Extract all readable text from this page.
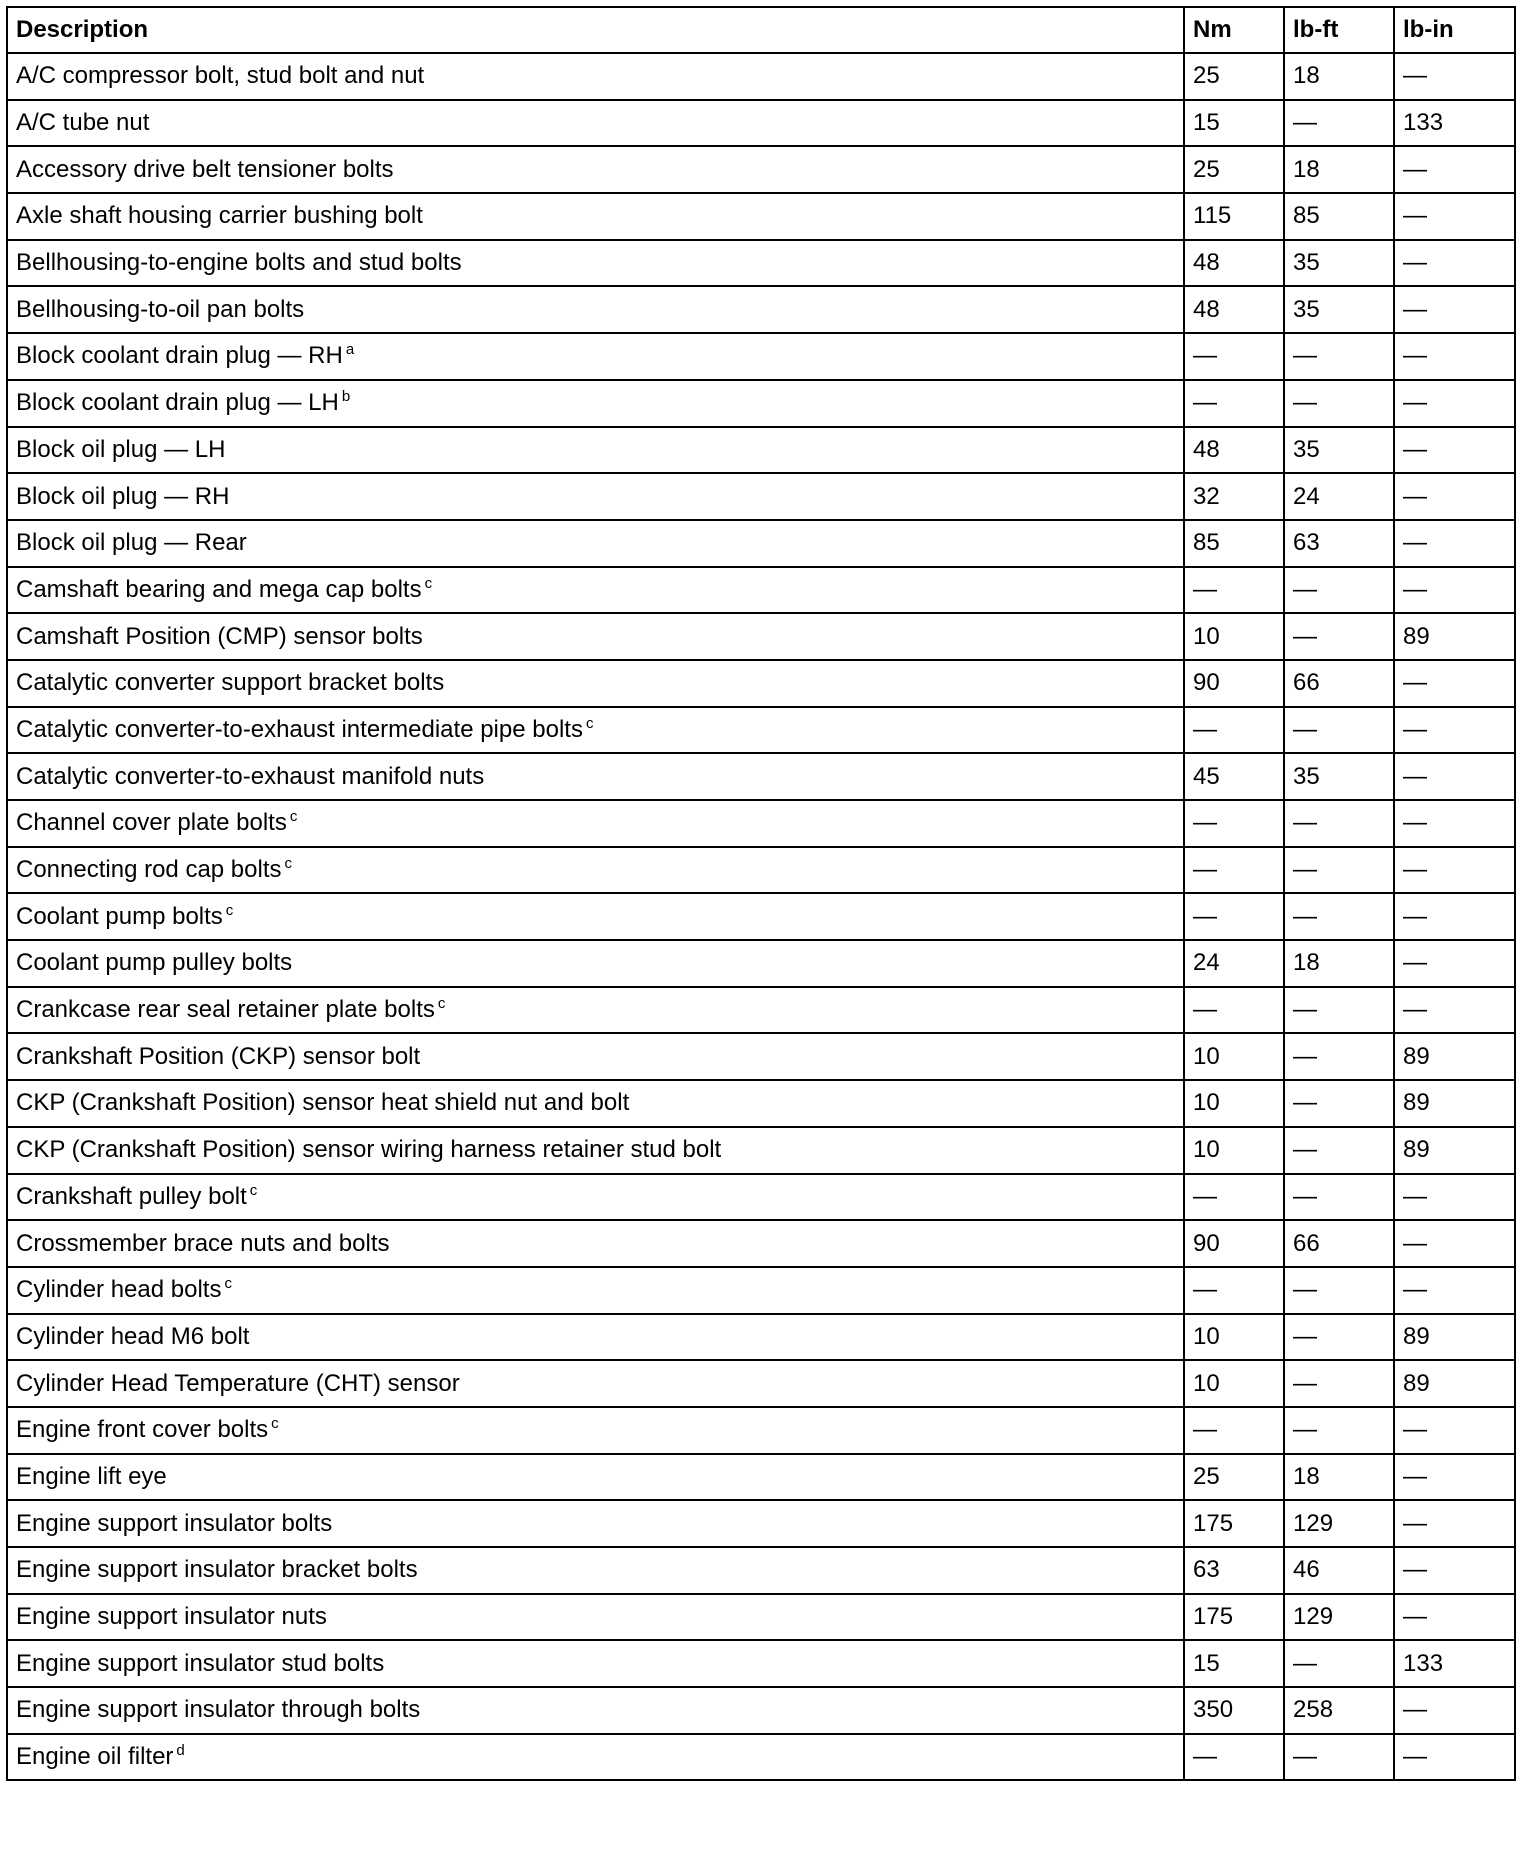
Description	Nm	lb-ft	lb-in
A/C compressor bolt, stud bolt and nut	25	18	—
A/C tube nut	15	—	133
Accessory drive belt tensioner bolts	25	18	—
Axle shaft housing carrier bushing bolt	115	85	—
Bellhousing-to-engine bolts and stud bolts	48	35	—
Bellhousing-to-oil pan bolts	48	35	—
Block coolant drain plug — RH $^a$	—	—	—
Block coolant drain plug — LH $^b$	—	—	—
Block oil plug — LH	48	35	—
Block oil plug — RH	32	24	—
Block oil plug — Rear	85	63	—
Camshaft bearing and mega cap bolts $^c$	—	—	—
Camshaft Position (CMP) sensor bolts	10	—	89
Catalytic converter support bracket bolts	90	66	—
Catalytic converter-to-exhaust intermediate pipe bolts $^c$	—	—	—
Catalytic converter-to-exhaust manifold nuts	45	35	—
Channel cover plate bolts $^c$	—	—	—
Connecting rod cap bolts $^c$	—	—	—
Coolant pump bolts $^c$	—	—	—
Coolant pump pulley bolts	24	18	—
Crankcase rear seal retainer plate bolts $^c$	—	—	—
Crankshaft Position (CKP) sensor bolt	10	—	89
CKP (Crankshaft Position) sensor heat shield nut and bolt	10	—	89
CKP (Crankshaft Position) sensor wiring harness retainer stud bolt	10	—	89
Crankshaft pulley bolt $^c$	—	—	—
Crossmember brace nuts and bolts	90	66	—
Cylinder head bolts $^c$	—	—	—
Cylinder head M6 bolt	10	—	89
Cylinder Head Temperature (CHT) sensor	10	—	89
Engine front cover bolts $^c$	—	—	—
Engine lift eye	25	18	—
Engine support insulator bolts	175	129	—
Engine support insulator bracket bolts	63	46	—
Engine support insulator nuts	175	129	—
Engine support insulator stud bolts	15	—	133
Engine support insulator through bolts	350	258	—
Engine oil filter $^d$	—	—	—
